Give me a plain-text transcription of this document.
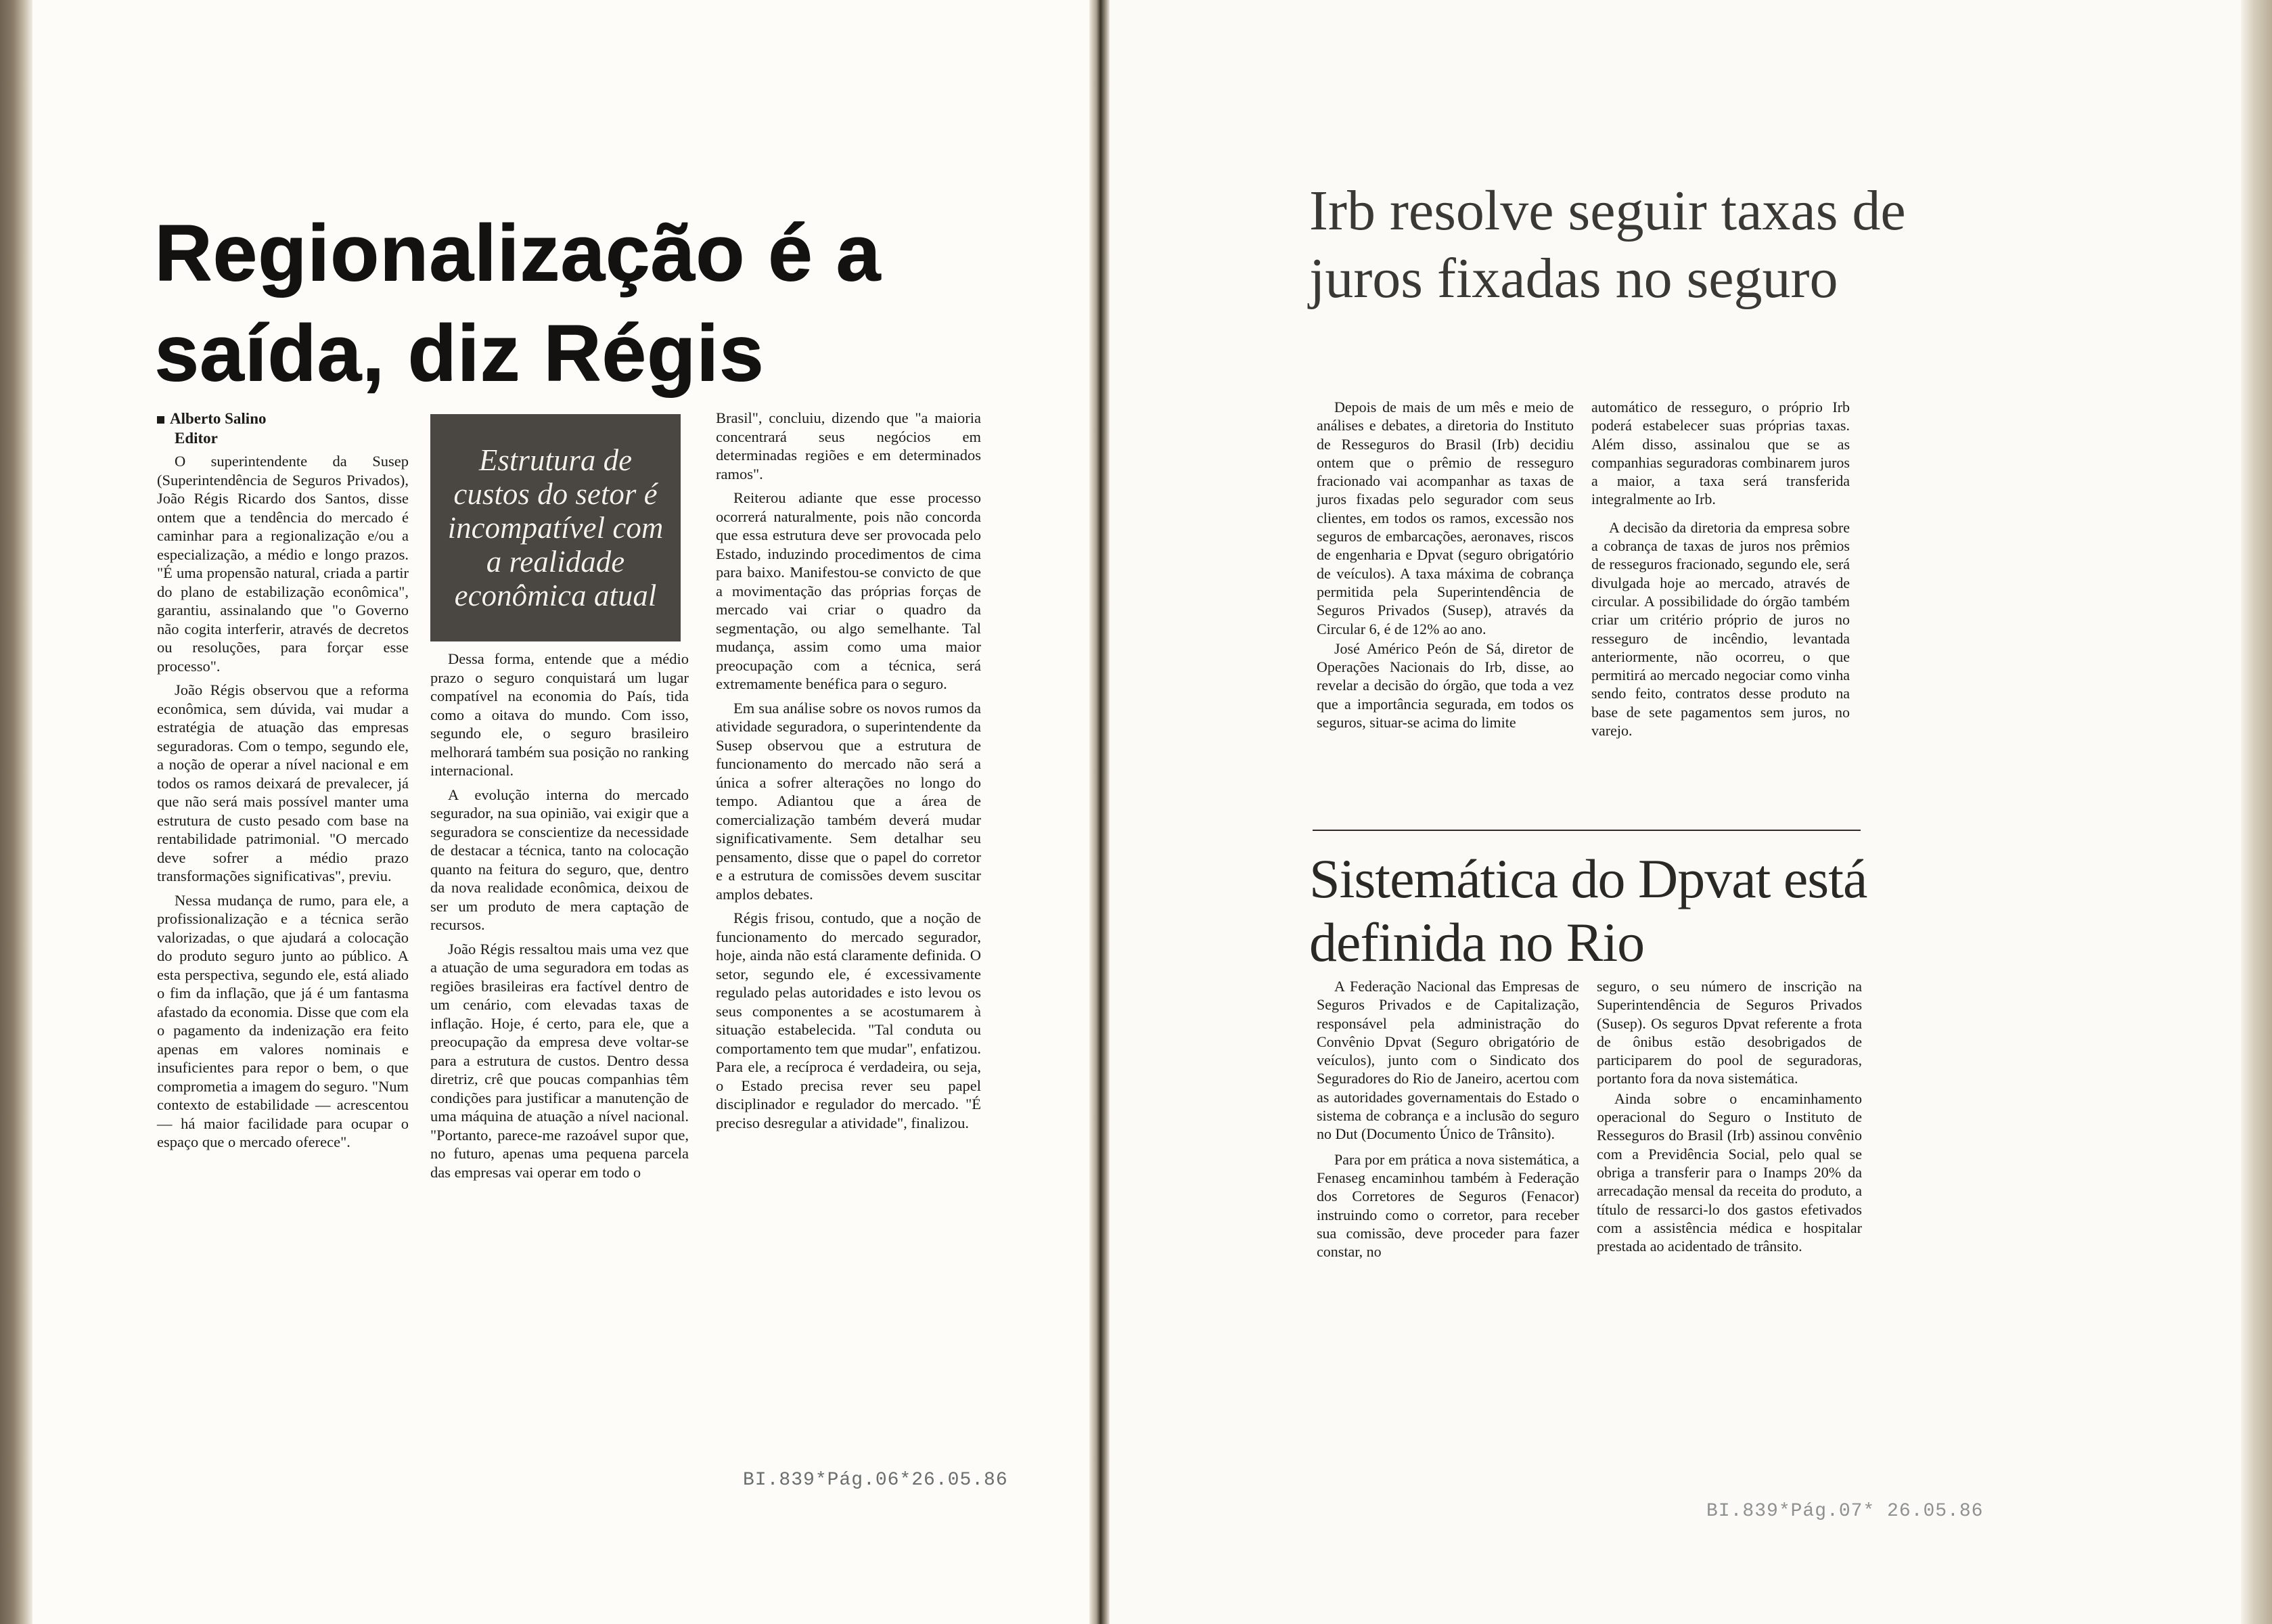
Regionalização é a saída, diz Régis
Alberto Salino
Editor

O superintendente da Susep (Superintendência de Seguros Privados), João Régis Ricardo dos Santos, disse ontem que a tendência do mercado é caminhar para a regionalização e/ou a especialização, a médio e longo prazos. "É uma propensão natural, criada a partir do plano de estabilização econômica", garantiu, assinalando que "o Governo não cogita interferir, através de decretos ou resoluções, para forçar esse processo".

João Régis observou que a reforma econômica, sem dúvida, vai mudar a estratégia de atuação das empresas seguradoras. Com o tempo, segundo ele, a noção de operar a nível nacional e em todos os ramos deixará de prevalecer, já que não será mais possível manter uma estrutura de custo pesado com base na rentabilidade patrimonial. "O mercado deve sofrer a médio prazo transformações significativas", previu.

Nessa mudança de rumo, para ele, a profissionalização e a técnica serão valorizadas, o que ajudará a colocação do produto seguro junto ao público. A esta perspectiva, segundo ele, está aliado o fim da inflação, que já é um fantasma afastado da economia. Disse que com ela o pagamento da indenização era feito apenas em valores nominais e insuficientes para repor o bem, o que comprometia a imagem do seguro. "Num contexto de estabilidade — acrescentou — há maior facilidade para ocupar o espaço que o mercado oferece".

Estrutura de custos do setor é incompatível com a realidade econômica atual

Dessa forma, entende que a médio prazo o seguro conquistará um lugar compatível na economia do País, tida como a oitava do mundo. Com isso, segundo ele, o seguro brasileiro melhorará também sua posição no ranking internacional.

A evolução interna do mercado segurador, na sua opinião, vai exigir que a seguradora se conscientize da necessidade de destacar a técnica, tanto na colocação quanto na feitura do seguro, que, dentro da nova realidade econômica, deixou de ser um produto de mera captação de recursos.

João Régis ressaltou mais uma vez que a atuação de uma seguradora em todas as regiões brasileiras era factível dentro de um cenário, com elevadas taxas de inflação. Hoje, é certo, para ele, que a preocupação da empresa deve voltar-se para a estrutura de custos. Dentro dessa diretriz, crê que poucas companhias têm condições para justificar a manutenção de uma máquina de atuação a nível nacional. "Portanto, parece-me razoável supor que, no futuro, apenas uma pequena parcela das empresas vai operar em todo o

Brasil", concluiu, dizendo que "a maioria concentrará seus negócios em determinadas regiões e em determinados ramos".

Reiterou adiante que esse processo ocorrerá naturalmente, pois não concorda que essa estrutura deve ser provocada pelo Estado, induzindo procedimentos de cima para baixo. Manifestou-se convicto de que a movimentação das próprias forças de mercado vai criar o quadro da segmentação, ou algo semelhante. Tal mudança, assim como uma maior preocupação com a técnica, será extremamente benéfica para o seguro.

Em sua análise sobre os novos rumos da atividade seguradora, o superintendente da Susep observou que a estrutura de funcionamento do mercado não será a única a sofrer alterações no longo do tempo. Adiantou que a área de comercialização também deverá mudar significativamente. Sem detalhar seu pensamento, disse que o papel do corretor e a estrutura de comissões devem suscitar amplos debates.

Régis frisou, contudo, que a noção de funcionamento do mercado segurador, hoje, ainda não está claramente definida. O setor, segundo ele, é excessivamente regulado pelas autoridades e isto levou os seus componentes a se acostumarem à situação estabelecida. "Tal conduta ou comportamento tem que mudar", enfatizou. Para ele, a recíproca é verdadeira, ou seja, o Estado precisa rever seu papel disciplinador e regulador do mercado. "É preciso desregular a atividade", finalizou.

BI.839*Pág.06*26.05.86
Irb resolve seguir taxas de juros fixadas no seguro

Depois de mais de um mês e meio de análises e debates, a diretoria do Instituto de Resseguros do Brasil (Irb) decidiu ontem que o prêmio de resseguro fracionado vai acompanhar as taxas de juros fixadas pelo segurador com seus clientes, em todos os ramos, excessão nos seguros de embarcações, aeronaves, riscos de engenharia e Dpvat (seguro obrigatório de veículos). A taxa máxima de cobrança permitida pela Superintendência de Seguros Privados (Susep), através da Circular 6, é de 12% ao ano.

José Américo Peón de Sá, diretor de Operações Nacionais do Irb, disse, ao revelar a decisão do órgão, que toda a vez que a importância segurada, em todos os seguros, situar-se acima do limite

automático de resseguro, o próprio Irb poderá estabelecer suas próprias taxas. Além disso, assinalou que se as companhias seguradoras combinarem juros a maior, a taxa será transferida integralmente ao Irb.

A decisão da diretoria da empresa sobre a cobrança de taxas de juros nos prêmios de resseguros fracionado, segundo ele, será divulgada hoje ao mercado, através de circular. A possibilidade do órgão também criar um critério próprio de juros no resseguro de incêndio, levantada anteriormente, não ocorreu, o que permitirá ao mercado negociar como vinha sendo feito, contratos desse produto na base de sete pagamentos sem juros, no varejo.

Sistemática do Dpvat está definida no Rio

A Federação Nacional das Empresas de Seguros Privados e de Capitalização, responsável pela administração do Convênio Dpvat (Seguro obrigatório de veículos), junto com o Sindicato dos Seguradores do Rio de Janeiro, acertou com as autoridades governamentais do Estado o sistema de cobrança e a inclusão do seguro no Dut (Documento Único de Trânsito).

Para por em prática a nova sistemática, a Fenaseg encaminhou também à Federação dos Corretores de Seguros (Fenacor) instruindo como o corretor, para receber sua comissão, deve proceder para fazer constar, no

seguro, o seu número de inscrição na Superintendência de Seguros Privados (Susep). Os seguros Dpvat referente a frota de ônibus estão desobrigados de participarem do pool de seguradoras, portanto fora da nova sistemática.

Ainda sobre o encaminhamento operacional do Seguro o Instituto de Resseguros do Brasil (Irb) assinou convênio com a Previdência Social, pelo qual se obriga a transferir para o Inamps 20% da arrecadação mensal da receita do produto, a título de ressarci-lo dos gastos efetivados com a assistência médica e hospitalar prestada ao acidentado de trânsito.

BI.839*Pág.07* 26.05.86
